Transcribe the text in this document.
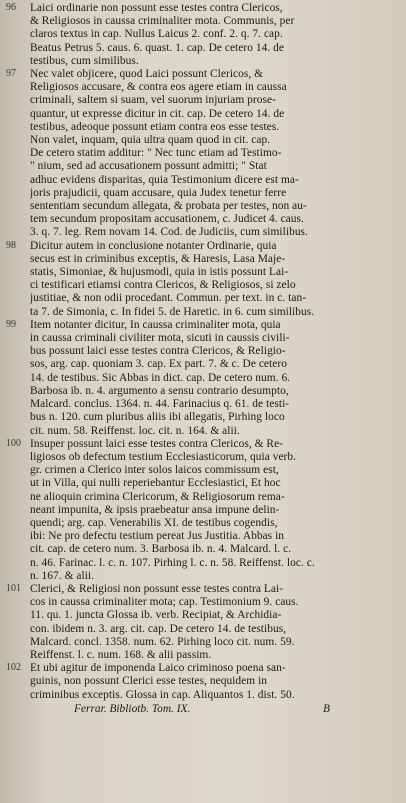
96 Laici ordinarie non possunt esse testes contra Clericos,
& Religiosos in caussa criminaliter mota. Communis, per
claros textus in cap. Nullus Laicus 2. conf. 2. q. 7. cap.
Beatus Petrus 5. caus. 6. quast. 1. cap. De cetero 14. de
testibus, cum similibus.
97 Nec valet objicere, quod Laici possunt Clericos, &
Religiosos accusare, & contra eos agere etiam in caussa
criminali, saltem si suam, vel suorum injuriam prose-
quantur, ut expresse dicitur in cit. cap. De cetero 14. de
testibus, adeoque possunt etiam contra eos esse testes.
Non valet, inquam, quia ultra quam quod in cit. cap.
De cetero statim additur: " Nec tunc etiam ad Testimo-
" nium, sed ad accusationem possunt admitti; " Stat
adhuc evidens disparitas, quia Testimonium dicere est ma-
joris prajudicii, quam accusare, quia Judex tenetur ferre
sententiam secundum allegata, & probata per testes, non au-
tem secundum propositam accusationem, c. Judicet 4. caus.
3. q. 7. leg. Rem novam 14. Cod. de Judiciis, cum similibus.
98 Dicitur autem in conclusione notanter Ordinarie, quia
secus est in criminibus exceptis, & Haresis, Lasa Maje-
statis, Simoniae, & hujusmodi, quia in istis possunt Lai-
ci testificari etiamsi contra Clericos, & Religiosos, si zelo
justitiae, & non odii procedant. Commun. per text. in c. tan-
ta 7. de Simonia, c. In fidei 5. de Haretic. in 6. cum similibus.
99 Item notanter dicitur, In caussa criminaliter mota, quia
in caussa criminali civiliter mota, sicuti in caussis civili-
bus possunt laici esse testes contra Clericos, & Religio-
sos, arg. cap. quoniam 3. cap. Ex part. 7. & c. De cetero
14. de testibus. Sic Abbas in dict. cap. De cetero num. 6.
Barbosa ib. n. 4. argumento a sensu contrario desumpto,
Malcard. conclus. 1364. n. 44. Farinacius q. 61. de testi-
bus n. 120. cum pluribus aliis ibi allegatis, Pirhing loco
cit. num. 58. Reiffenst. loc. cit. n. 164. & alii.
100 Insuper possunt laici esse testes contra Clericos, & Re-
ligiosos ob defectum testium Ecclesiasticorum, quia verb.
gr. crimen a Clerico inter solos laicos commissum est,
ut in Villa, qui nulli reperiebantur Ecclesiastici, Et hoc
ne alioquin crimina Clericorum, & Religiosorum rema-
neant impunita, & ipsis praebeatur ansa impune delin-
quendi; arg. cap. Venerabilis XI. de testibus cogendis,
ibi: Ne pro defectu testium pereat Jus Justitia. Abbas in
cit. cap. de cetero num. 3. Barbosa ib. n. 4. Malcard. l. c.
n. 46. Farinac. l. c. n. 107. Pirhing l. c. n. 58. Reiffenst. loc. c.
n. 167. & alii.
101 Clerici, & Religiosi non possunt esse testes contra Lai-
cos in caussa criminaliter mota; cap. Testimonium 9. caus.
11. qu. 1. juncta Glossa ib. verb. Recipiat, & Archidia-
con. ibidem n. 3. arg. cit. cap. De cetero 14. de testibus,
Malcard. concl. 1358. num. 62. Pirhing loco cit. num. 59.
Reiffenst. l. c. num. 168. & alii passim.
102 Et ubi agitur de imponenda Laico criminoso poena san-
guinis, non possunt Clerici esse testes, nequidem in
criminibus exceptis. Glossa in cap. Aliquantos 1. dist. 50.
Ferrar. Bibliotb. Tom. IX.	B
